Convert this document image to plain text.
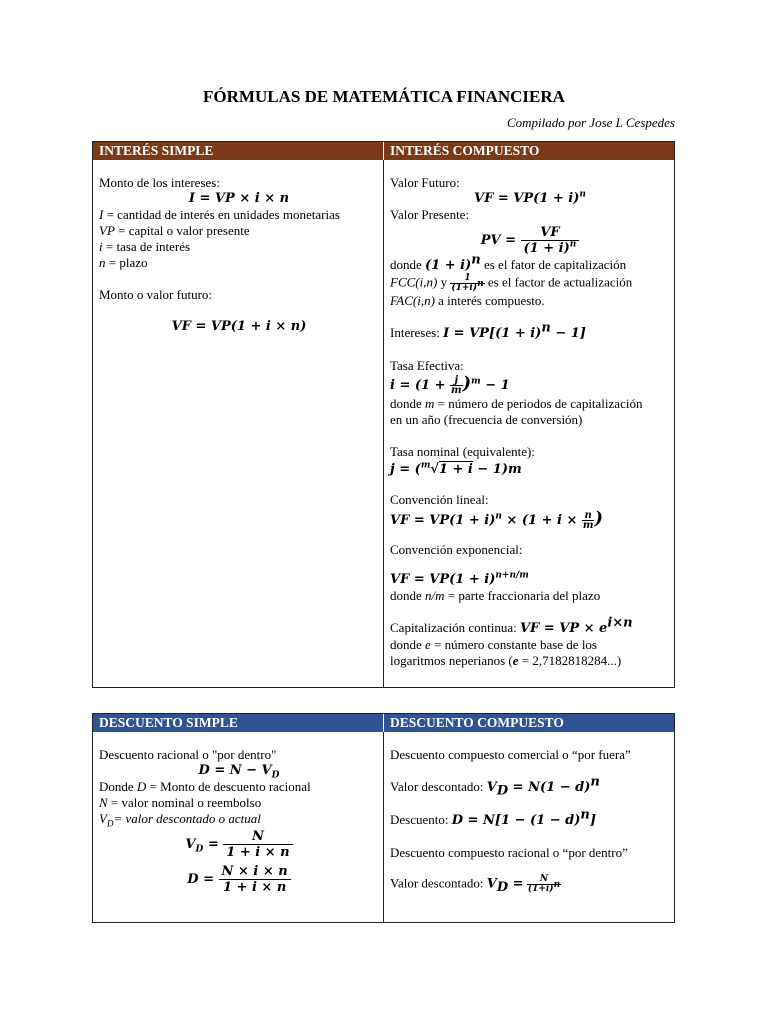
FÓRMULAS DE MATEMÁTICA FINANCIERA
Compilado por Jose L Cespedes
INTERÉS SIMPLE	INTERÉS COMPUESTO
Monto de los intereses:
I = VP × i × n
I = cantidad de interés en unidades monetarias
VP = capital o valor presente
i = tasa de interés
n = plazo
Monto o valor futuro:
VF = VP(1 + i × n)
Valor Futuro:
VF = $VP(1 + i)^n$
Valor Presente:
PV = $\frac{VF}{(1 + i)^n}$
donde $(1 + i)^n$ es el fator de capitalización
FCC(i,n) y $\frac{1}{(1+i)^n}$ es el factor de actualización
FAC(i,n) a interés compuesto.
Intereses: $I = VP[(1 + i)^n - 1]$
Tasa Efectiva:
$i = (1 + \frac{j}{m} )^m - 1$
donde m = número de periodos de capitalización
en un año (frecuencia de conversión)
Tasa nominal (equivalente):
j = ($^m$√1 + i − 1)m
Convención lineal:
VF = $VP(1 + i)^n \times (1 + i \times \frac{n}{m}$ )
Convención exponencial:
VF = $VP(1 + i)^{n+n/m}$
donde n/m = parte fraccionaria del plazo
Capitalización continua: VF = VP × $e^{i\times n}$
donde e = número constante base de los
logaritmos neperianos (e = 2,7182818284...)
DESCUENTO SIMPLE	DESCUENTO COMPUESTO
Descuento racional o "por dentro"
$D = N - V_D$
Donde D = Monto de descuento racional
N = valor nominal o reembolso
$V_D=$ valor descontado o actual
$V_D = \frac{N}{1 + i \times n}$
$D = \frac{N \times i \times n}{1 + i \times n}$
Descuento compuesto comercial o “por fuera”
Valor descontado: $V_D = N(1 - d)^n$
Descuento: $D = N[1 - (1 - d)^n]$
Descuento compuesto racional o “por dentro”
Valor descontado: $V_D = \frac{N}{(1+i)^n}$
